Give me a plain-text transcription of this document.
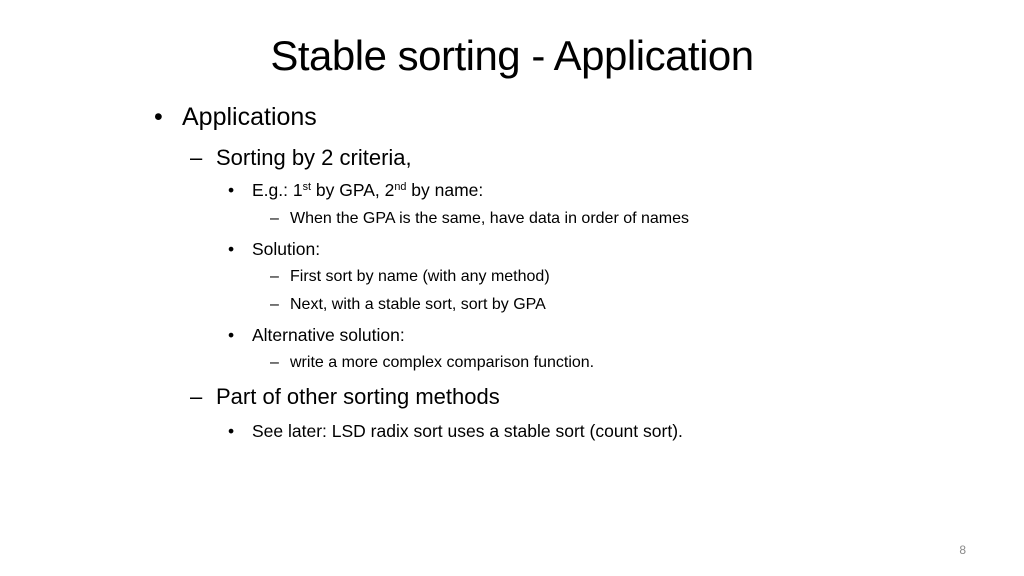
Stable sorting - Application
• Applications
– Sorting by 2 criteria,
•	E.g.: 1st by GPA, 2nd by name:
– When the GPA is the same, have data in order of names
•	Solution:
– First sort by name (with any method)
– Next, with a stable sort, sort by GPA
•	Alternative solution:
– write a more complex comparison function.
– Part of other sorting methods
•	See later: LSD radix sort uses a stable sort (count sort).
8
